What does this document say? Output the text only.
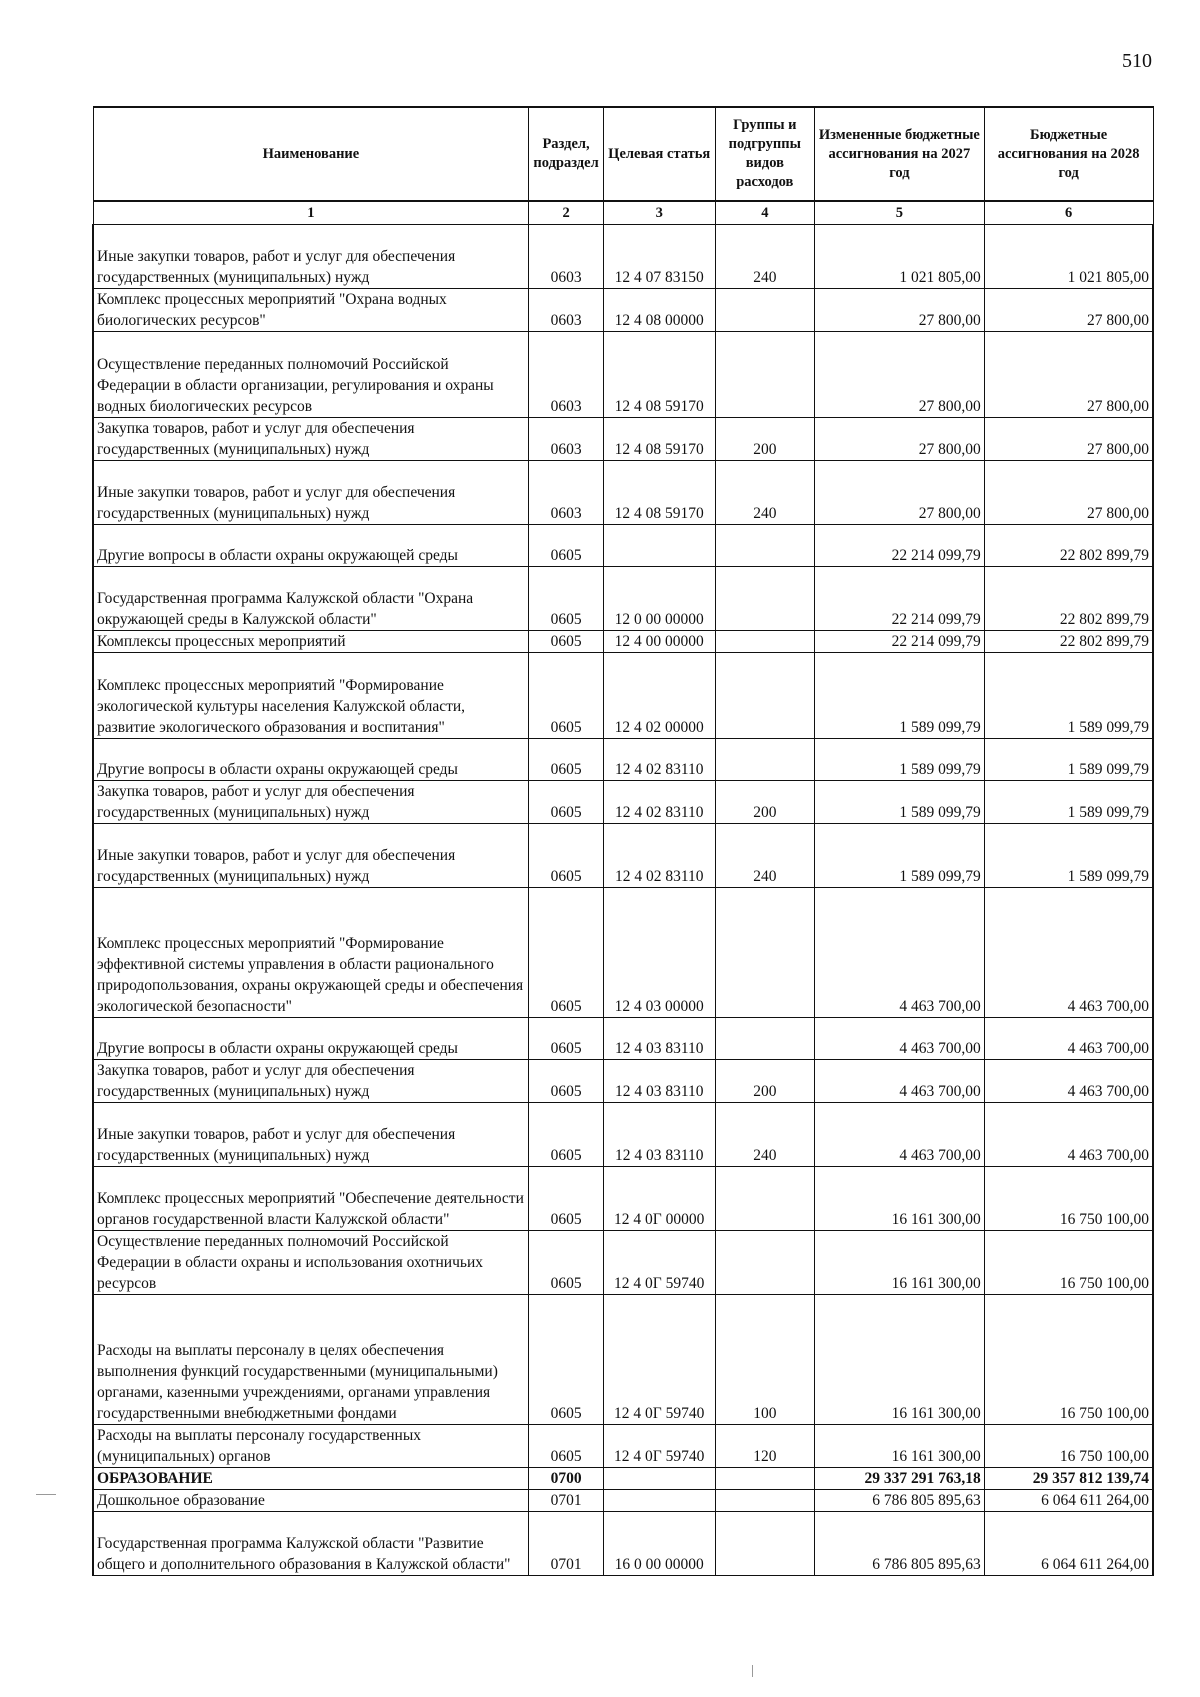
510
Наименование	Раздел, подраздел	Целевая статья	Группы и подгруппы видов расходов	Измененные бюджетные ассигнования на 2027 год	Бюджетные ассигнования на 2028 год
1	2	3	4	5	6
Иные закупки товаров, работ и услуг для обеспечения государственных (муниципальных) нужд	0603	12 4 07 83150	240	1 021 805,00	1 021 805,00
Комплекс процессных мероприятий "Охрана водных биологических ресурсов"	0603	12 4 08 00000		27 800,00	27 800,00
Осуществление переданных полномочий Российской Федерации в области организации, регулирования и охраны водных биологических ресурсов	0603	12 4 08 59170		27 800,00	27 800,00
Закупка товаров, работ и услуг для обеспечения государственных (муниципальных) нужд	0603	12 4 08 59170	200	27 800,00	27 800,00
Иные закупки товаров, работ и услуг для обеспечения государственных (муниципальных) нужд	0603	12 4 08 59170	240	27 800,00	27 800,00
Другие вопросы в области охраны окружающей среды	0605			22 214 099,79	22 802 899,79
Государственная программа Калужской области "Охрана окружающей среды в Калужской области"	0605	12 0 00 00000		22 214 099,79	22 802 899,79
Комплексы процессных мероприятий	0605	12 4 00 00000		22 214 099,79	22 802 899,79
Комплекс процессных мероприятий "Формирование экологической культуры населения Калужской области, развитие экологического образования и воспитания"	0605	12 4 02 00000		1 589 099,79	1 589 099,79
Другие вопросы в области охраны окружающей среды	0605	12 4 02 83110		1 589 099,79	1 589 099,79
Закупка товаров, работ и услуг для обеспечения государственных (муниципальных) нужд	0605	12 4 02 83110	200	1 589 099,79	1 589 099,79
Иные закупки товаров, работ и услуг для обеспечения государственных (муниципальных) нужд	0605	12 4 02 83110	240	1 589 099,79	1 589 099,79
Комплекс процессных мероприятий "Формирование эффективной системы управления в области рационального природопользования, охраны окружающей среды и обеспечения экологической безопасности"	0605	12 4 03 00000		4 463 700,00	4 463 700,00
Другие вопросы в области охраны окружающей среды	0605	12 4 03 83110		4 463 700,00	4 463 700,00
Закупка товаров, работ и услуг для обеспечения государственных (муниципальных) нужд	0605	12 4 03 83110	200	4 463 700,00	4 463 700,00
Иные закупки товаров, работ и услуг для обеспечения государственных (муниципальных) нужд	0605	12 4 03 83110	240	4 463 700,00	4 463 700,00
Комплекс процессных мероприятий "Обеспечение деятельности органов государственной власти Калужской области"	0605	12 4 0Г 00000		16 161 300,00	16 750 100,00
Осуществление переданных полномочий Российской Федерации в области охраны и использования охотничьих ресурсов	0605	12 4 0Г 59740		16 161 300,00	16 750 100,00
Расходы на выплаты персоналу в целях обеспечения выполнения функций государственными (муниципальными) органами, казенными учреждениями, органами управления государственными внебюджетными фондами	0605	12 4 0Г 59740	100	16 161 300,00	16 750 100,00
Расходы на выплаты персоналу государственных (муниципальных) органов	0605	12 4 0Г 59740	120	16 161 300,00	16 750 100,00
ОБРАЗОВАНИЕ	0700			29 337 291 763,18	29 357 812 139,74
Дошкольное образование	0701			6 786 805 895,63	6 064 611 264,00
Государственная программа Калужской области "Развитие общего и дополнительного образования в Калужской области"	0701	16 0 00 00000		6 786 805 895,63	6 064 611 264,00
